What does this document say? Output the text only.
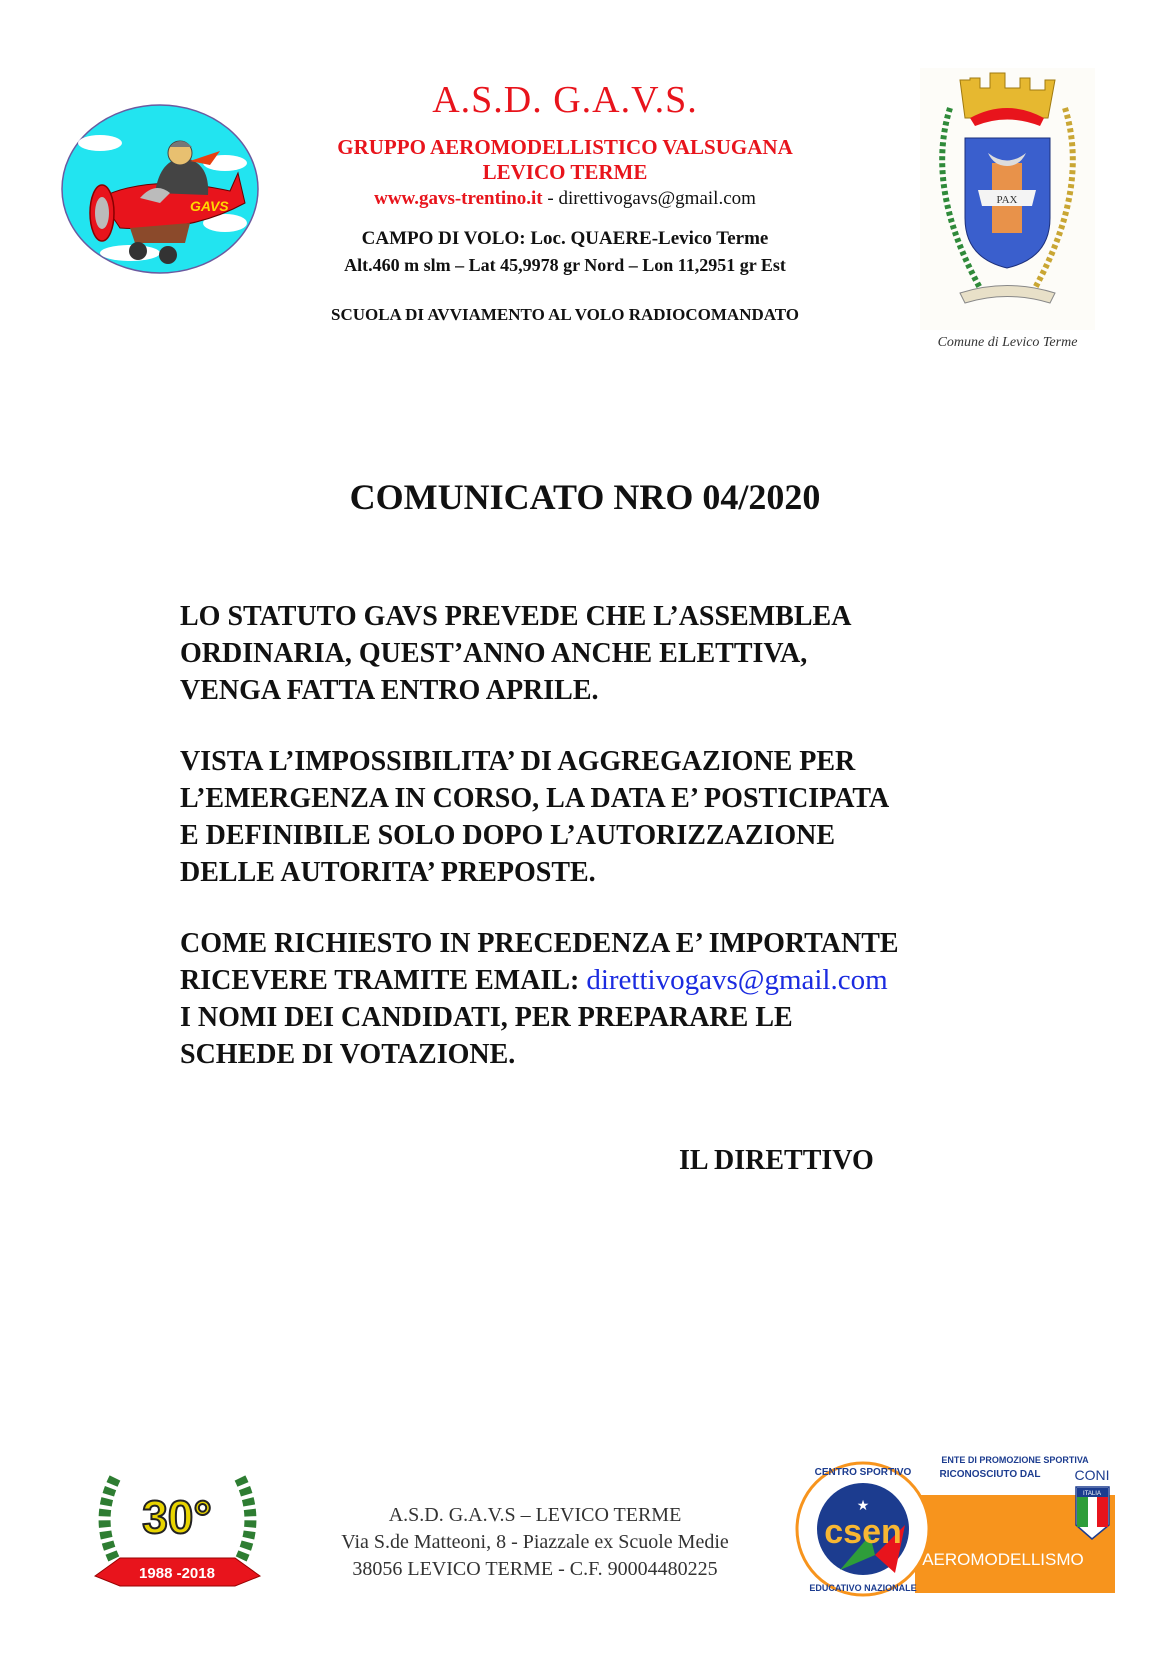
GAVS
A.S.D. G.A.V.S.
GRUPPO AEROMODELLISTICO VALSUGANA
LEVICO TERME
www.gavs-trentino.it - direttivogavs@gmail.com
CAMPO DI VOLO: Loc. QUAERE-Levico Terme
Alt.460 m slm – Lat 45,9978 gr Nord – Lon 11,2951 gr Est
SCUOLA DI AVVIAMENTO AL VOLO RADIOCOMANDATO
PAX
Comune di Levico Terme
COMUNICATO NRO 04/2020
LO STATUTO GAVS PREVEDE CHE L’ASSEMBLEA
ORDINARIA, QUEST’ANNO ANCHE ELETTIVA,
VENGA FATTA ENTRO APRILE.
VISTA L’IMPOSSIBILITA’ DI AGGREGAZIONE PER
L’EMERGENZA IN CORSO, LA DATA E’ POSTICIPATA
E DEFINIBILE SOLO DOPO L’AUTORIZZAZIONE
DELLE AUTORITA’ PREPOSTE.
COME RICHIESTO IN PRECEDENZA E’ IMPORTANTE
RICEVERE TRAMITE EMAIL: direttivogavs@gmail.com
I NOMI DEI CANDIDATI, PER PREPARARE LE
SCHEDE DI VOTAZIONE.
IL DIRETTIVO
30°
1988 -2018
A.S.D. G.A.V.S – LEVICO TERME
Via S.de Matteoni, 8 - Piazzale ex Scuole Medie
38056 LEVICO TERME - C.F. 90004480225
★
csen
CENTRO SPORTIVO
EDUCATIVO NAZIONALE
ENTE DI PROMOZIONE SPORTIVA
RICONOSCIUTO DAL CONI
ITALIA
AEROMODELLISMO
